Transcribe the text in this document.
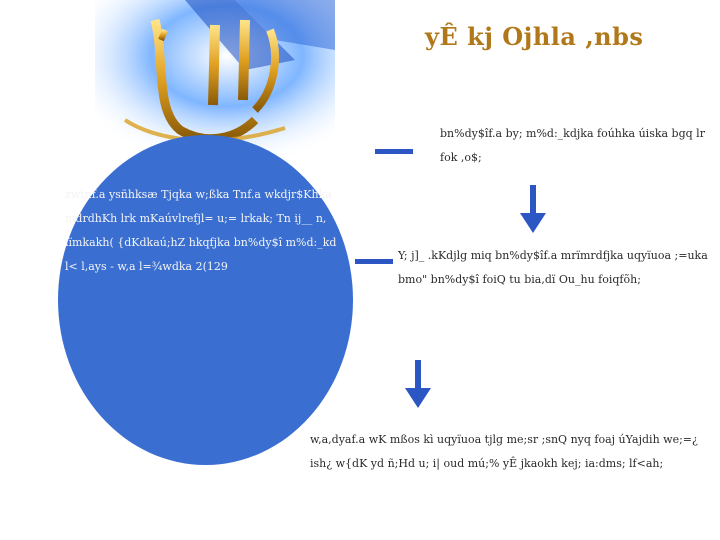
yÊ kj Ojhla ,nbs
bn%dy$îf.a by; m%d:_kdjka foúhka úiska bgq lr fok ,o$;
zwtnf.a ysñhksæ Tjqka w;ßka Tnf.a wkdjr$Khka mdrdhKh lrk mKaúvlrefjl= u;= lrkak; Tn ij__ n, iïmkakh( {dKdkaú;hZ hkqfjka bn%dy$î m%d:_kd l< l,ays - w,a l=¾wdka 2(129
Y; j]_ .kKdjlg miq bn%dy$îf.a mrïmrdfjka uqyïuoa ;=uka bmo" bn%dy$î foiQ tu bia,dï Ou_hu foiqfõh;
w,a,dyaf.a wK mßos kì uqyïuoa tjlg me;sr ;snQ nyq foaj úYajdih we;=¿ ish¿ w{dK yd ñ;Hd u; i| oud mú;% yÊ jkaokh kej; ia:dms; lf<ah;
